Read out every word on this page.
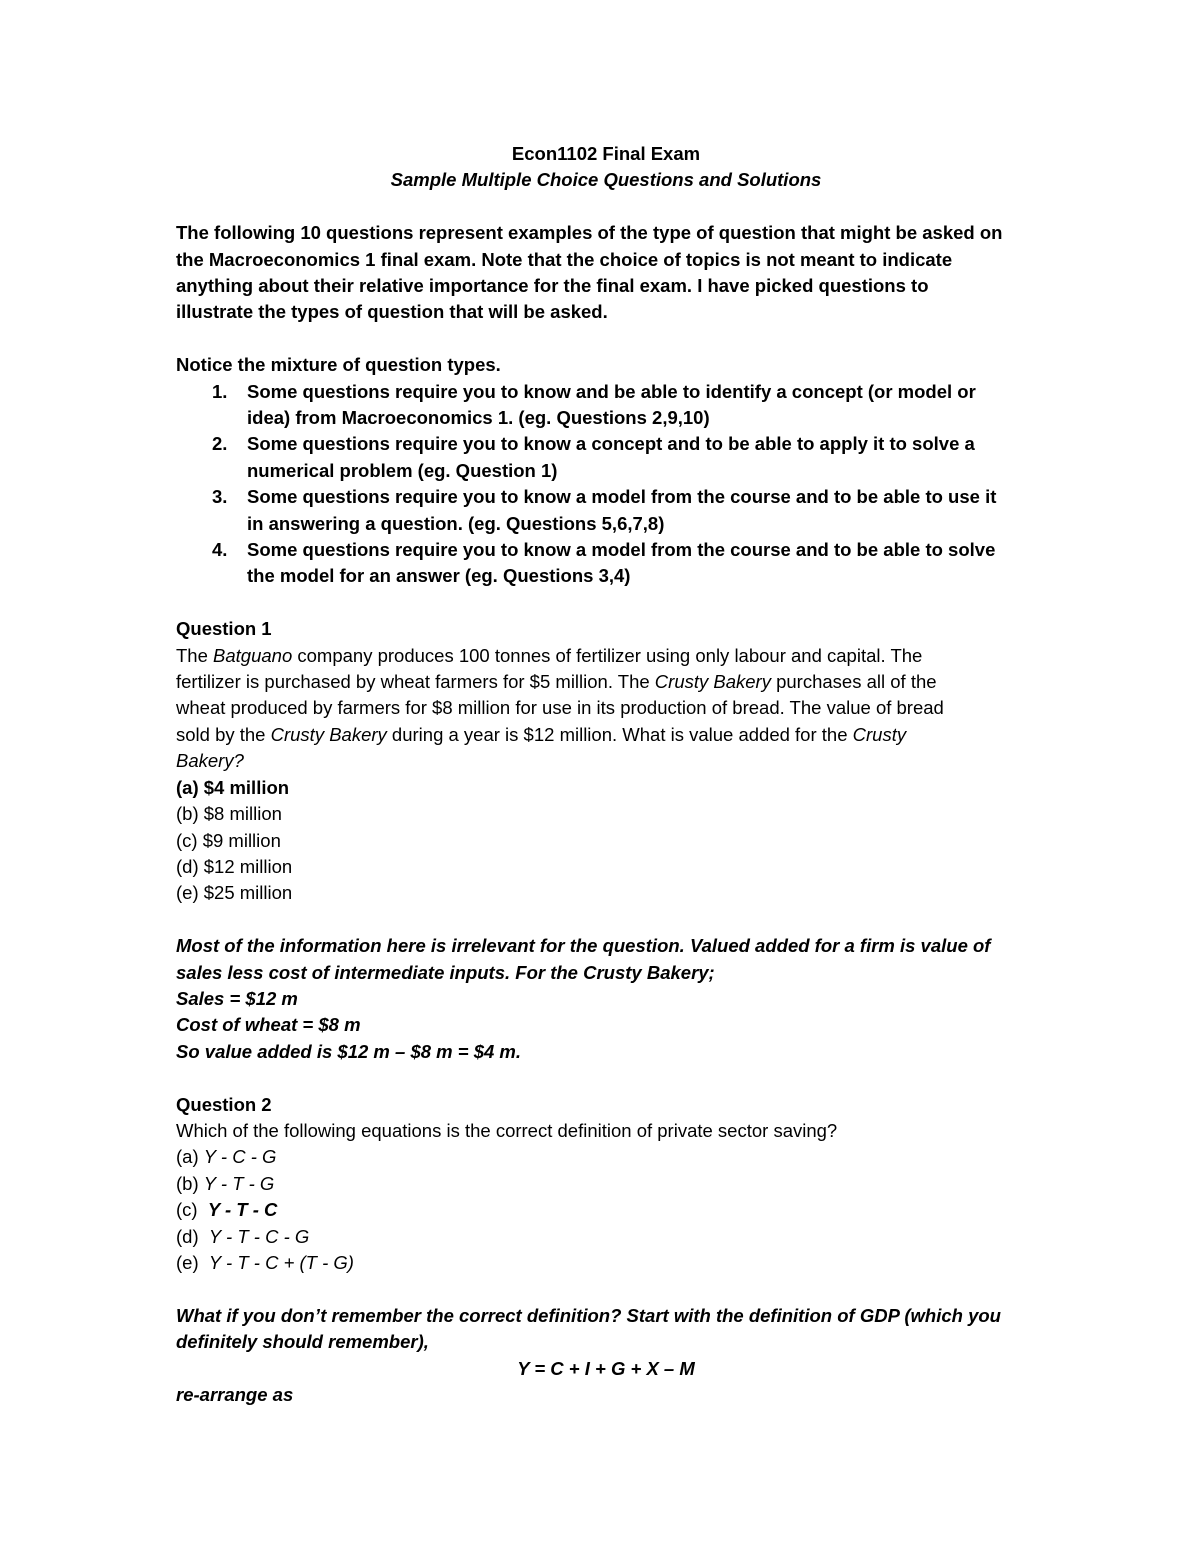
Econ1102 Final Exam
Sample Multiple Choice Questions and Solutions
The following 10 questions represent examples of the type of question that might be asked on
the Macroeconomics 1 final exam. Note that the choice of topics is not meant to indicate
anything about their relative importance for the final exam. I have picked questions to
illustrate the types of question that will be asked.
Notice the mixture of question types.
1. Some questions require you to know and be able to identify a concept (or model or
idea) from Macroeconomics 1. (eg. Questions 2,9,10)
2. Some questions require you to know a concept and to be able to apply it to solve a
numerical problem (eg. Question 1)
3. Some questions require you to know a model from the course and to be able to use it
in answering a question. (eg. Questions 5,6,7,8)
4. Some questions require you to know a model from the course and to be able to solve
the model for an answer (eg. Questions 3,4)
Question 1
The Batguano company produces 100 tonnes of fertilizer using only labour and capital. The
fertilizer is purchased by wheat farmers for $5 million. The Crusty Bakery purchases all of the
wheat produced by farmers for $8 million for use in its production of bread. The value of bread
sold by the Crusty Bakery during a year is $12 million. What is value added for the Crusty
Bakery?
(a) $4 million
(b) $8 million
(c) $9 million
(d) $12 million
(e) $25 million
Most of the information here is irrelevant for the question. Valued added for a firm is value of
sales less cost of intermediate inputs. For the Crusty Bakery;
Sales = $12 m
Cost of wheat = $8 m
So value added is $12 m – $8 m = $4 m.
Question 2
Which of the following equations is the correct definition of private sector saving?
(a) Y - C - G
(b) Y - T - G
(c)  Y - T - C
(d)  Y - T - C - G
(e)  Y - T - C + (T - G)
What if you don’t remember the correct definition? Start with the definition of GDP (which you
definitely should remember),
Y = C + I + G + X – M
re-arrange as
